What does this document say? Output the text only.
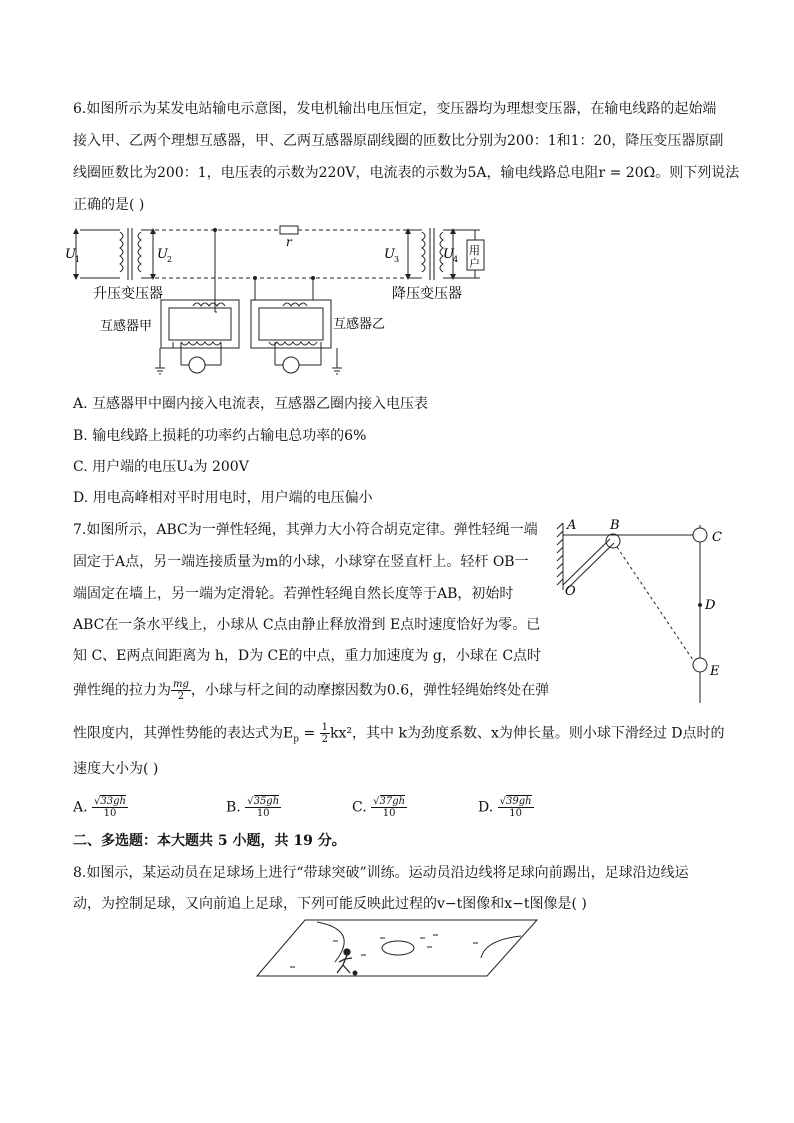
6.如图所示为某发电站输电示意图，发电机输出电压恒定，变压器均为理想变压器，在输电线路的起始端
接入甲、乙两个理想互感器，甲、乙两互感器原副线圈的匝数比分别为200：1和1：20，降压变压器原副
线圈匝数比为200：1，电压表的示数为220V，电流表的示数为5A，输电线路总电阻r = 20Ω。则下列说法
正确的是( )
U 1	U 2
r
U 3	U 4
用
户
升压变压器	降压变压器
互感器甲	互感器乙
A. 互感器甲中圈内接入电流表，互感器乙圈内接入电压表
B. 输电线路上损耗的功率约占输电总功率的6%
C. 用户端的电压U₄为 200V
D. 用电高峰相对平时用电时，用户端的电压偏小
7.如图所示，ABC为一弹性轻绳，其弹力大小符合胡克定律。弹性轻绳一端
固定于A点，另一端连接质量为m的小球，小球穿在竖直杆上。轻杆 OB一
端固定在墙上，另一端为定滑轮。若弹性轻绳自然长度等于AB，初始时
ABC在一条水平线上，小球从 C点由静止释放滑到 E点时速度恰好为零。已
知 C、E两点间距离为 h，D为 CE的中点，重力加速度为 g，小球在 C点时
弹性绳的拉力为 $\frac{mg}{2}$ ，小球与杆之间的动摩擦因数为0.6，弹性轻绳始终处在弹
性限度内，其弹性势能的表达式为$E_p = \frac{1}{2} kx^2$，其中 k为劲度系数、x为伸长量。则小球下滑经过 D点时的
速度大小为( )
A	B
C
D
E
O
A. $\frac{√33gh}{10}$	B. $\frac{√35gh}{10}$	C. $\frac{√37gh}{10}$	D. $\frac{√39gh}{10}$
二、多选题：本大题共 5 小题，共 19 分。
8.如图示，某运动员在足球场上进行“带球突破”训练。运动员沿边线将足球向前踢出，足球沿边线运
动，为控制足球，又向前追上足球，下列可能反映此过程的v−t图像和x−t图像是( )
